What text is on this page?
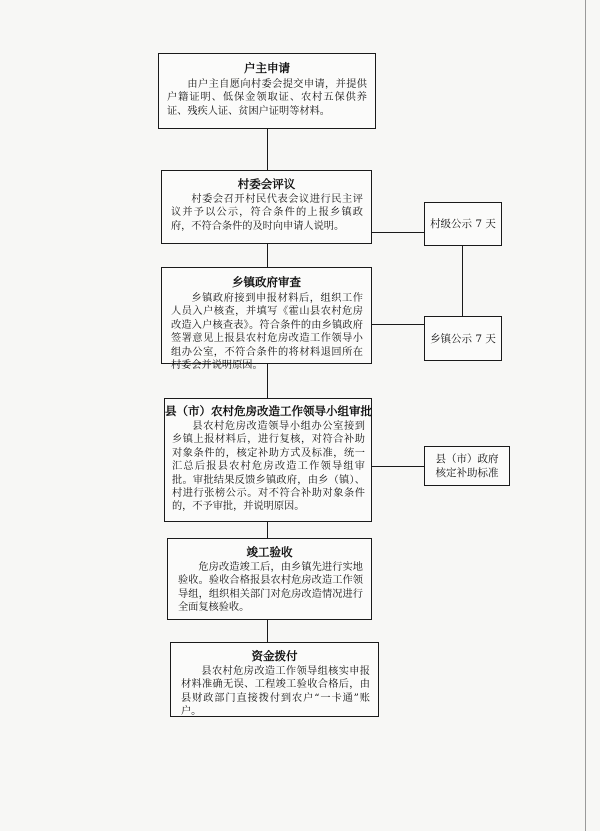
户主申请
由户主自愿向村委会提交申请，并提供户籍证明、低保金领取证、农村五保供养证、残疾人证、贫困户证明等材料。
村委会评议
村委会召开村民代表会议进行民主评议并予以公示，符合条件的上报乡镇政府，不符合条件的及时向申请人说明。
乡镇政府审查
乡镇政府接到申报材料后，组织工作人员入户核查，并填写《霍山县农村危房改造入户核查表》。符合条件的由乡镇政府签署意见上报县农村危房改造工作领导小组办公室，不符合条件的将材料退回所在村委会并说明原因。
县（市）农村危房改造工作领导小组审批
县农村危房改造领导小组办公室接到乡镇上报材料后，进行复核，对符合补助对象条件的，核定补助方式及标准，统一汇总后报县农村危房改造工作领导组审批。审批结果反馈乡镇政府，由乡（镇）、村进行张榜公示。对不符合补助对象条件的，不予审批，并说明原因。
竣工验收
危房改造竣工后，由乡镇先进行实地验收。验收合格报县农村危房改造工作领导组，组织相关部门对危房改造情况进行全面复核验收。
资金拨付
县农村危房改造工作领导组核实申报材料准确无误、工程竣工验收合格后，由县财政部门直接拨付到农户“一卡通”账户。
村级公示 7 天
乡镇公示 7 天
县（市）政府核定补助标准
